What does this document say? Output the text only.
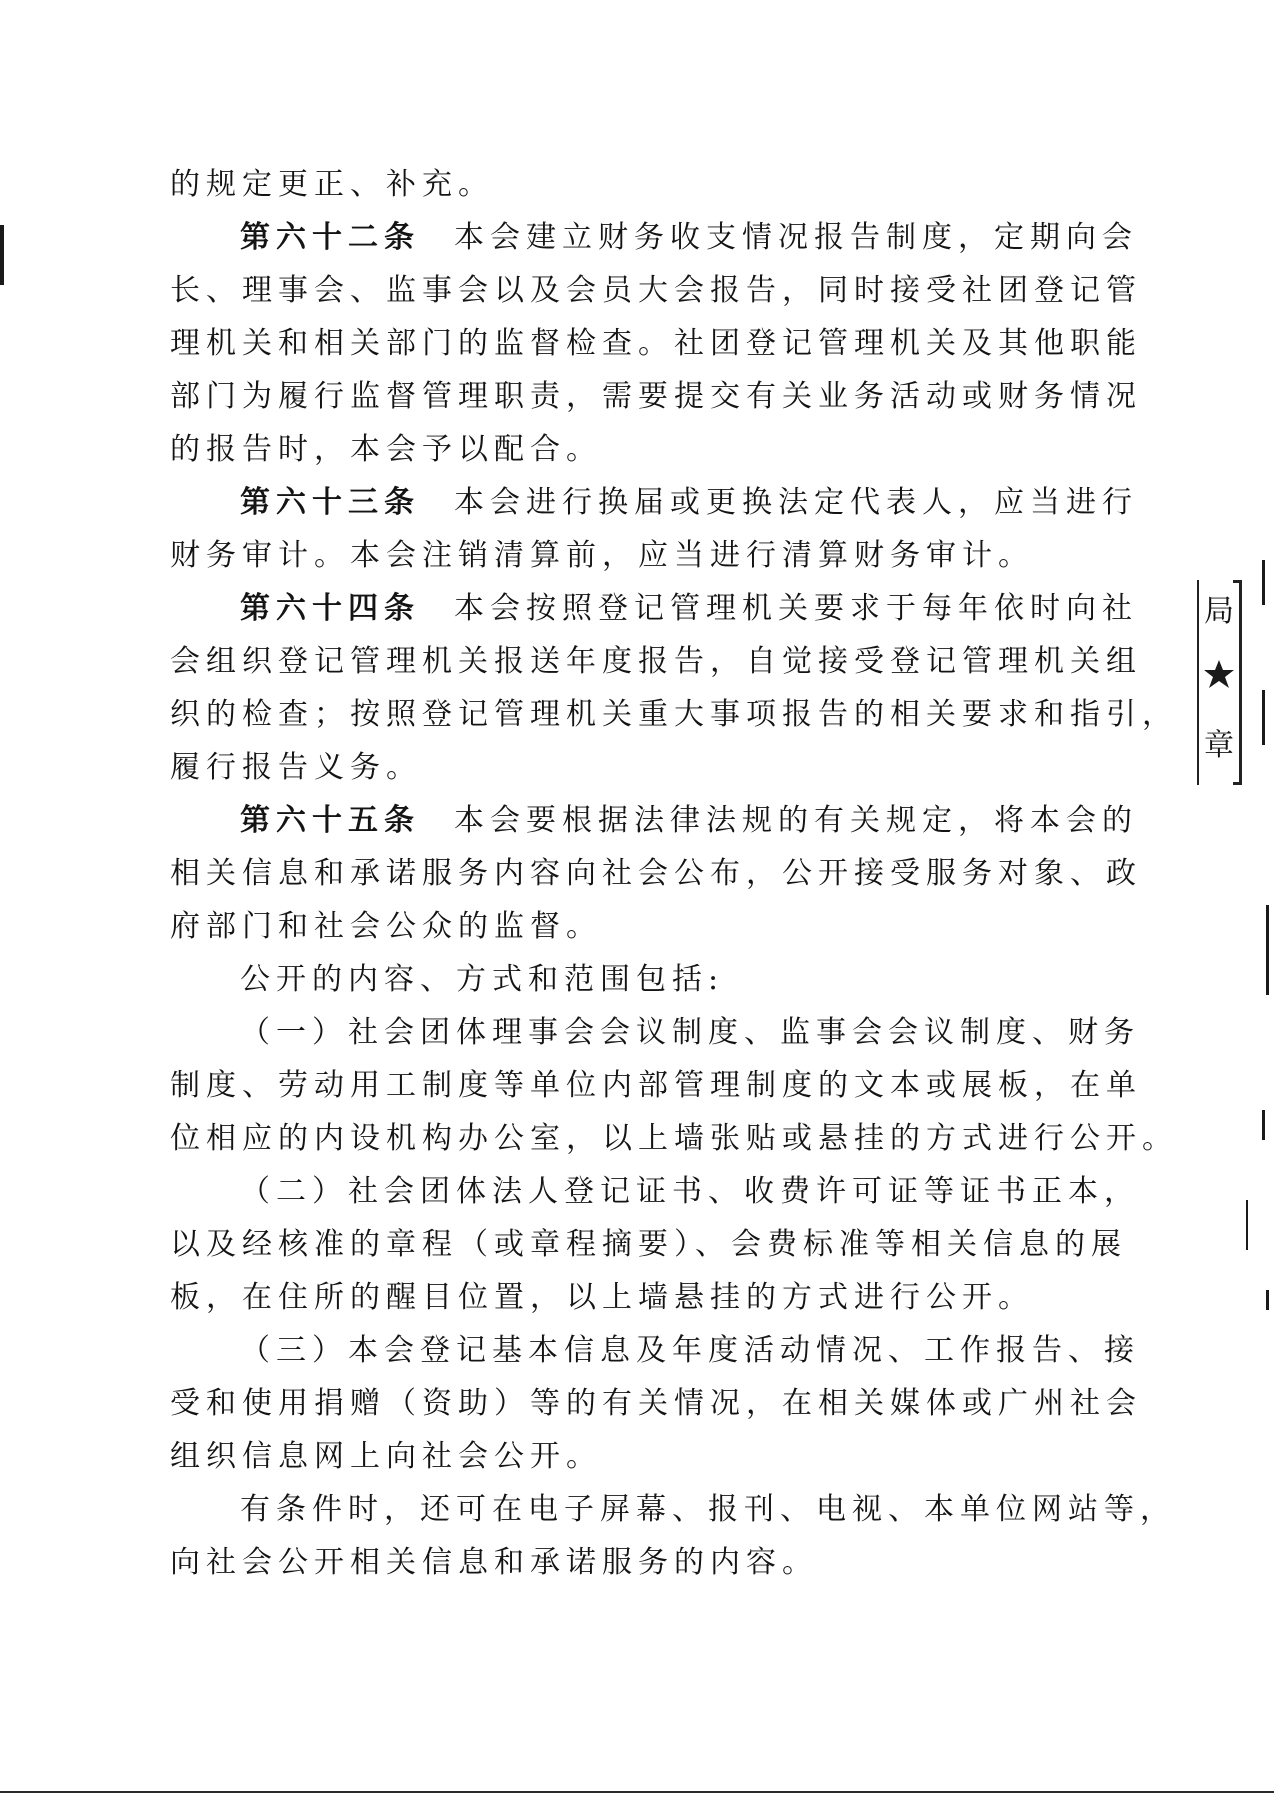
的规定更正、补充。
第六十二条 本会建立财务收支情况报告制度，定期向会
长、理事会、监事会以及会员大会报告，同时接受社团登记管
理机关和相关部门的监督检查。社团登记管理机关及其他职能
部门为履行监督管理职责，需要提交有关业务活动或财务情况
的报告时，本会予以配合。
第六十三条 本会进行换届或更换法定代表人，应当进行
财务审计。本会注销清算前，应当进行清算财务审计。
第六十四条 本会按照登记管理机关要求于每年依时向社
会组织登记管理机关报送年度报告，自觉接受登记管理机关组
织的检查；按照登记管理机关重大事项报告的相关要求和指引，
履行报告义务。
第六十五条 本会要根据法律法规的有关规定，将本会的
相关信息和承诺服务内容向社会公布，公开接受服务对象、政
府部门和社会公众的监督。
公开的内容、方式和范围包括:
（一）社会团体理事会会议制度、监事会会议制度、财务
制度、劳动用工制度等单位内部管理制度的文本或展板，在单
位相应的内设机构办公室，以上墙张贴或悬挂的方式进行公开。
（二）社会团体法人登记证书、收费许可证等证书正本，
以及经核准的章程（或章程摘要）、会费标准等相关信息的展
板，在住所的醒目位置，以上墙悬挂的方式进行公开。
（三）本会登记基本信息及年度活动情况、工作报告、接
受和使用捐赠（资助）等的有关情况，在相关媒体或广州社会
组织信息网上向社会公开。
有条件时，还可在电子屏幕、报刊、电视、本单位网站等，
向社会公开相关信息和承诺服务的内容。
局
章
